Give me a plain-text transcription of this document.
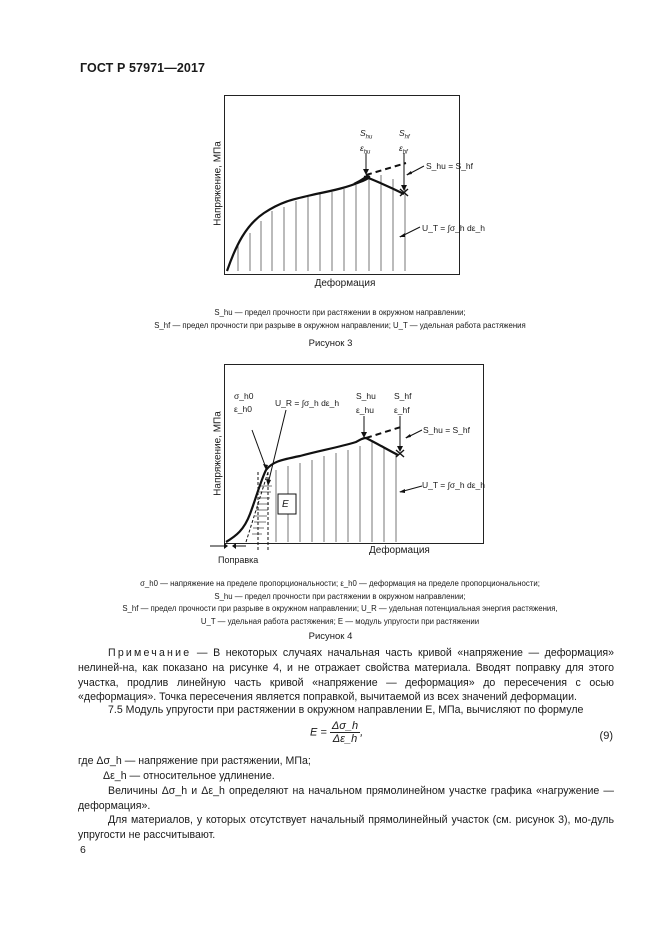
ГОСТ Р 57971—2017
Напряжение, МПа
Деформация
$S_{hu}$
$\varepsilon_{hu}$
$S_{hf}$
$\varepsilon_{hf}$
S_hu = S_hf
U_T = ∫σ_h dε_h
S_hu — предел прочности при растяжении в окружном направлении;
S_hf — предел прочности при разрыве в окружном направлении; U_T — удельная работа растяжения
Рисунок 3
E
Напряжение, МПа
Деформация
Поправка
σ_h0
ε_h0
U_R = ∫σ_h dε_h
S_hu
ε_hu
S_hf
ε_hf
S_hu = S_hf
U_T = ∫σ_h dε_h
σ_h0 — напряжение на пределе пропорциональности; ε_h0 — деформация на пределе пропорциональности;
S_hu — предел прочности при растяжении в окружном направлении;
S_hf — предел прочности при разрыве в окружном направлении; U_R — удельная потенциальная энергия растяжения,
U_T — удельная работа растяжения; E — модуль упругости при растяжении
Рисунок 4
Примечание — В некоторых случаях начальная часть кривой «напряжение — деформация» нелиней-на, как показано на рисунке 4, и не отражает свойства материала. Вводят поправку для этого участка, продлив линейную часть кривой «напряжение — деформация» до пересечения с осью «деформация». Точка пересечения является поправкой, вычитаемой из всех значений деформации.
7.5 Модуль упругости при растяжении в окружном направлении E, МПа, вычисляют по формуле
$E = \frac{\Delta\sigma\_h}{\Delta\varepsilon\_h}$ ,	(9)
где Δσ_h — напряжение при растяжении, МПа;
Δε_h — относительное удлинение.
Величины Δσ_h и Δε_h определяют на начальном прямолинейном участке графика «нагружение — деформация».
Для материалов, у которых отсутствует начальный прямолинейный участок (см. рисунок 3), мо-дуль упругости не рассчитывают.
6
